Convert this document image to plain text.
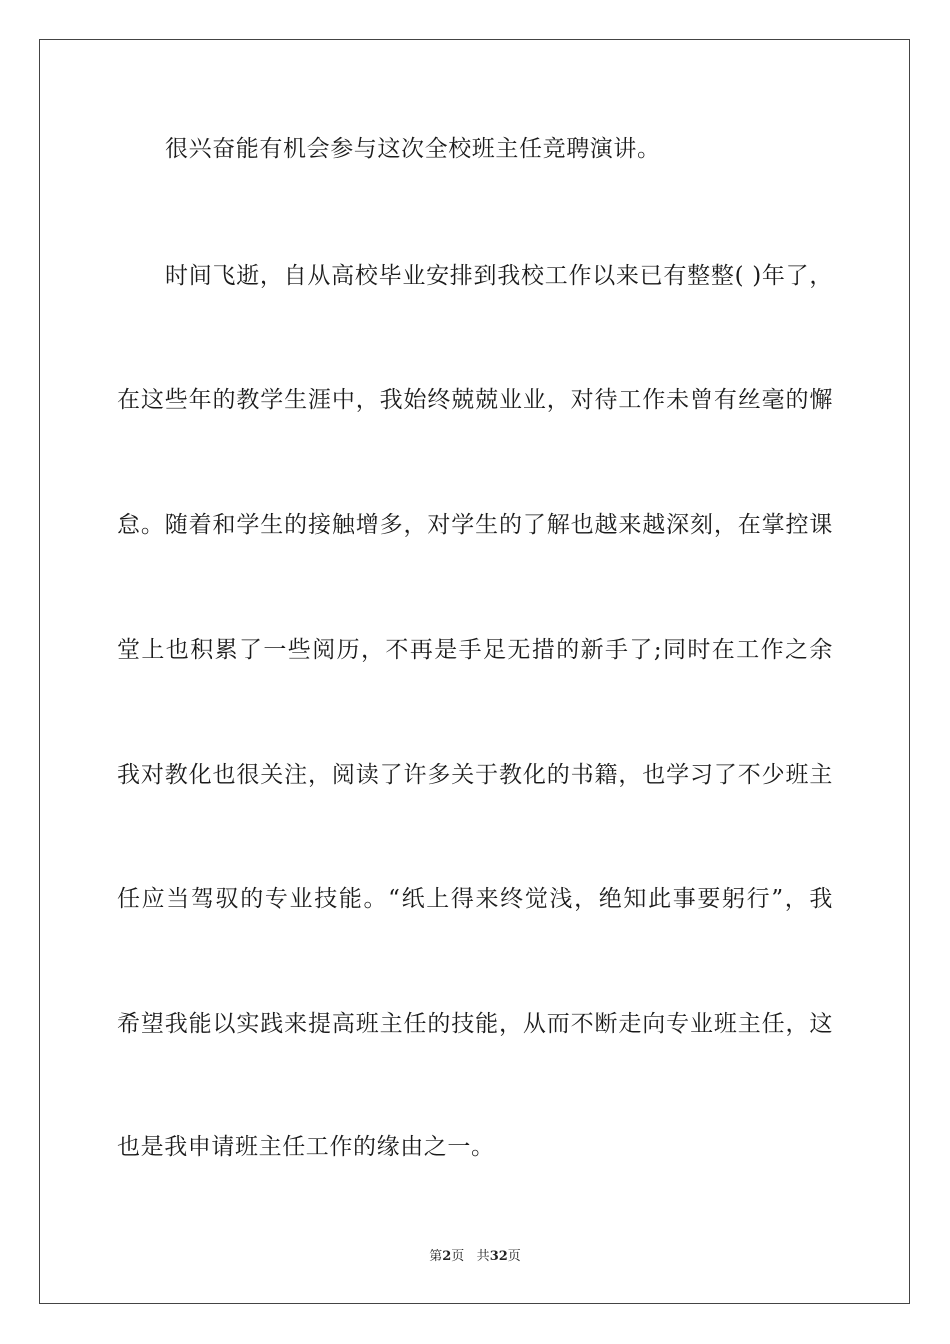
很兴奋能有机会参与这次全校班主任竞聘演讲。
时间飞逝，自从高校毕业安排到我校工作以来已有整整( )年了，
在这些年的教学生涯中，我始终兢兢业业，对待工作未曾有丝毫的懈
怠。随着和学生的接触增多，对学生的了解也越来越深刻，在掌控课
堂上也积累了一些阅历，不再是手足无措的新手了;同时在工作之余
我对教化也很关注，阅读了许多关于教化的书籍，也学习了不少班主
任应当驾驭的专业技能。“纸上得来终觉浅，绝知此事要躬行”，我
希望我能以实践来提高班主任的技能，从而不断走向专业班主任，这
也是我申请班主任工作的缘由之一。
第2页 共32页
